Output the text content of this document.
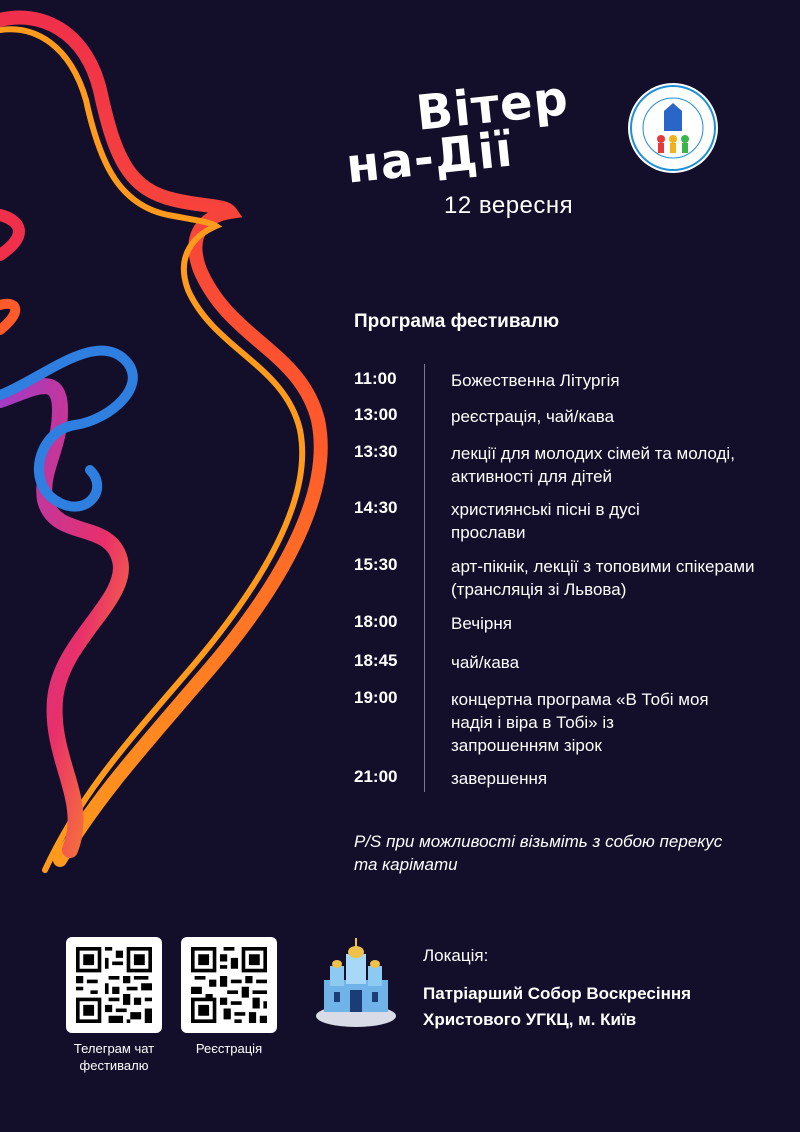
Вітер
на-Дії
12 вересня
Програма фестивалю
11:00	Божественна Літургія
13:00	реєстрація, чай/кава
13:30	лекції для молодих сімей та молоді, активності для дітей
14:30	християнські пісні в дусі прослави
15:30	арт-пікнік, лекції з топовими спікерами (трансляція зі Львова)
18:00	Вечірня
18:45	чай/кава
19:00	концертна програма «В Тобі моя надія і віра в Тобі» із запрошенням зірок
21:00	завершення
P/S при можливості візьміть з собою перекус та карімати
Телеграм чат фестивалю
Реєстрація
Локація:
Патріарший Собор Воскресіння Христового УГКЦ, м. Київ
